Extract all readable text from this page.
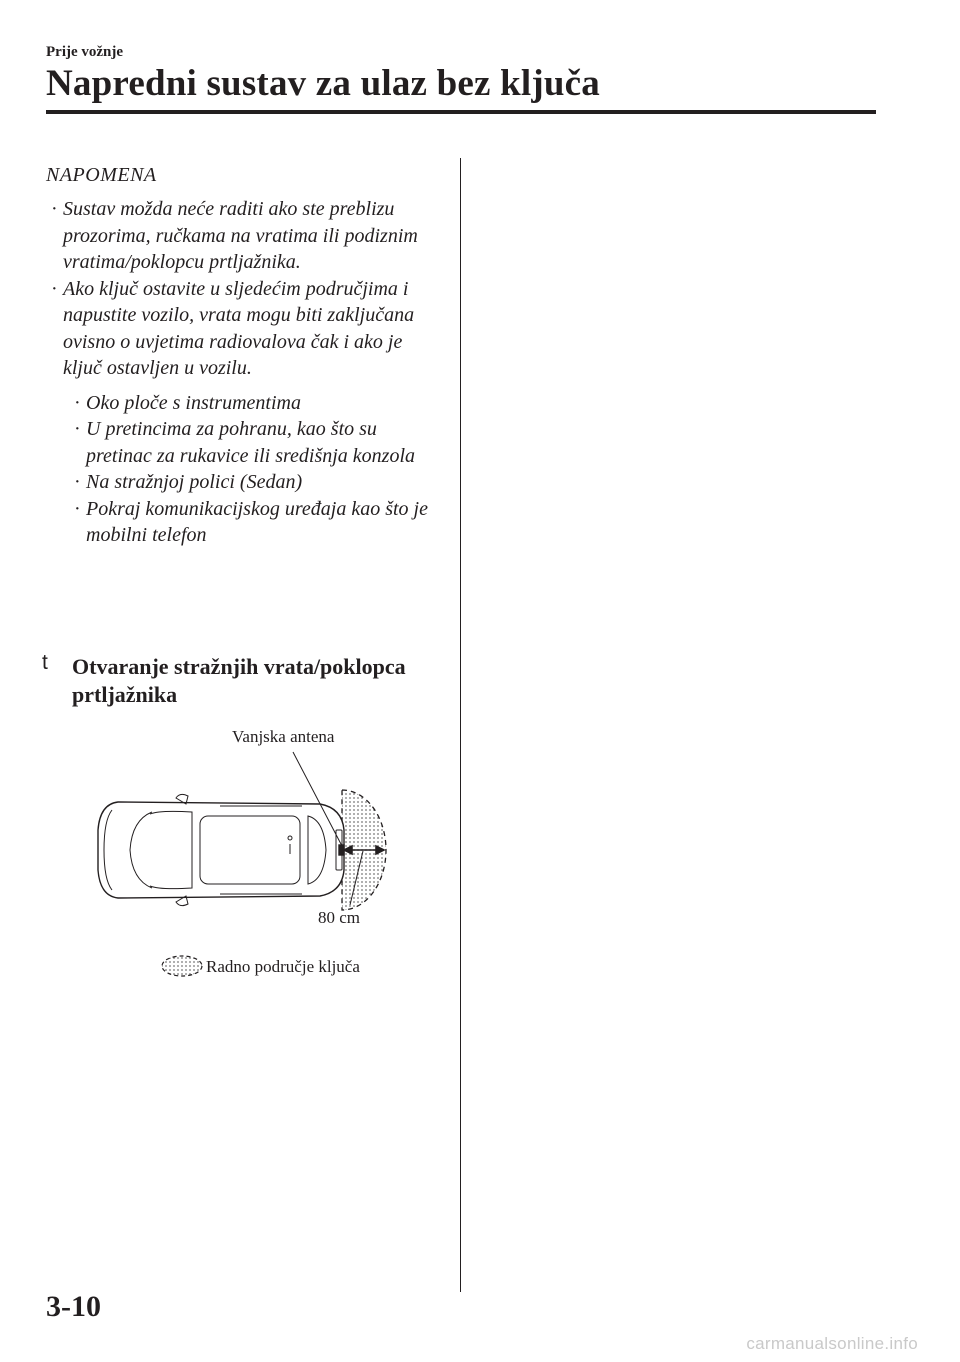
Prije vožnje
Napredni sustav za ulaz bez ključa
NAPOMENA
· Sustav možda neće raditi ako ste preblizu prozorima, ručkama na vratima ili podiznim vratima/poklopcu prtljažnika.
· Ako ključ ostavite u sljedećim područjima i napustite vozilo, vrata mogu biti zaključana ovisno o uvjetima radiovalova čak i ako je ključ ostavljen u vozilu.
· Oko ploče s instrumentima
· U pretincima za pohranu, kao što su pretinac za rukavice ili središnja konzola
· Na stražnjoj polici (Sedan)
· Pokraj komunikacijskog uređaja kao što je mobilni telefon
t Otvaranje stražnjih vrata/poklopca prtljažnika
Vanjska antena
80 cm
Radno područje ključa
3-10
carmanualsonline.info
